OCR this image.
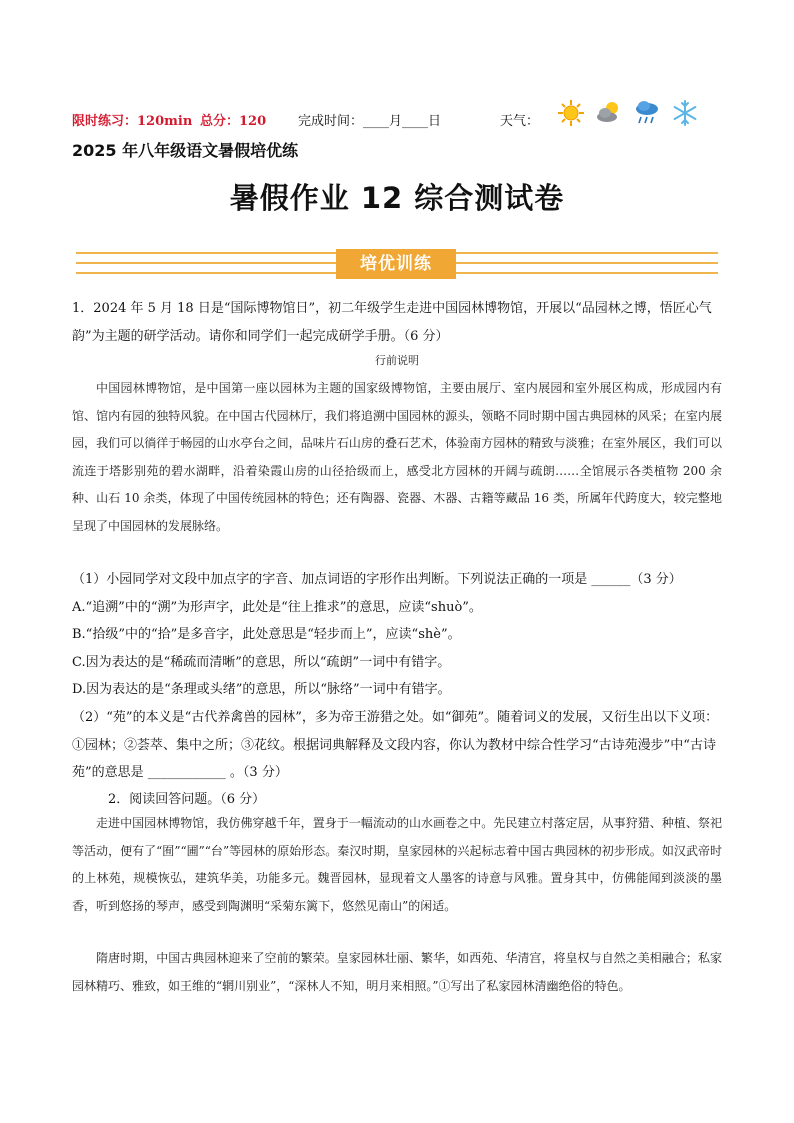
限时练习：120min 总分：120 完成时间：____月____日	天气：
2025 年八年级语文暑假培优练
暑假作业 12 综合测试卷
培优训练
1．2024 年 5 月 18 日是“国际博物馆日”，初二年级学生走进中国园林博物馆，开展以“品园林之博，悟匠心气韵”为主题的研学活动。请你和同学们一起完成研学手册。（6 分）
行前说明
中国园林博物馆，是中国第一座以园林为主题的国家级博物馆，主要由展厅、室内展园和室外展区构成，形成园内有馆、馆内有园的独特风貌。在中国古代园林厅，我们将追溯中国园林的源头，领略不同时期中国古典园林的风采；在室内展园，我们可以徜徉于畅园的山水亭台之间，品味片石山房的叠石艺术，体验南方园林的精致与淡雅；在室外展区，我们可以流连于塔影别苑的碧水湖畔，沿着染霞山房的山径拾级而上，感受北方园林的开阔与疏朗……全馆展示各类植物 200 余种、山石 10 余类，体现了中国传统园林的特色；还有陶器、瓷器、木器、古籍等藏品 16 类，所属年代跨度大，较完整地呈现了中国园林的发展脉络。

（1）小园同学对文段中加点字的字音、加点词语的字形作出判断。下列说法正确的一项是 ______（3 分）

A.“追溯”中的“溯”为形声字，此处是“往上推求”的意思，应读“shuò”。

B.“拾级”中的“拾”是多音字，此处意思是“轻步而上”，应读“shè”。

C.因为表达的是“稀疏而清晰”的意思，所以“疏朗”一词中有错字。

D.因为表达的是“条理或头绪”的意思，所以“脉络”一词中有错字。

（2）“苑”的本义是“古代养禽兽的园林”，多为帝王游猎之处。如“御苑”。随着词义的发展，又衍生出以下义项：①园林；②荟萃、集中之所；③花纹。根据词典解释及文段内容，你认为教材中综合性学习“古诗苑漫步”中“古诗苑”的意思是 ____________ 。（3 分）

2．阅读回答问题。（6 分）
走进中国园林博物馆，我仿佛穿越千年，置身于一幅流动的山水画卷之中。先民建立村落定居，从事狩猎、种植、祭祀等活动，便有了“囿”“圃”“台”等园林的原始形态。秦汉时期，皇家园林的兴起标志着中国古典园林的初步形成。如汉武帝时的上林苑，规模恢弘，建筑华美，功能多元。魏晋园林，显现着文人墨客的诗意与风雅。置身其中，仿佛能闻到淡淡的墨香，听到悠扬的琴声，感受到陶渊明“采菊东篱下，悠然见南山”的闲适。
隋唐时期，中国古典园林迎来了空前的繁荣。皇家园林壮丽、繁华，如西苑、华清宫，将皇权与自然之美相融合；私家园林精巧、雅致，如王维的“辋川别业”，“深林人不知，明月来相照。”①写出了私家园林清幽绝俗的特色。
